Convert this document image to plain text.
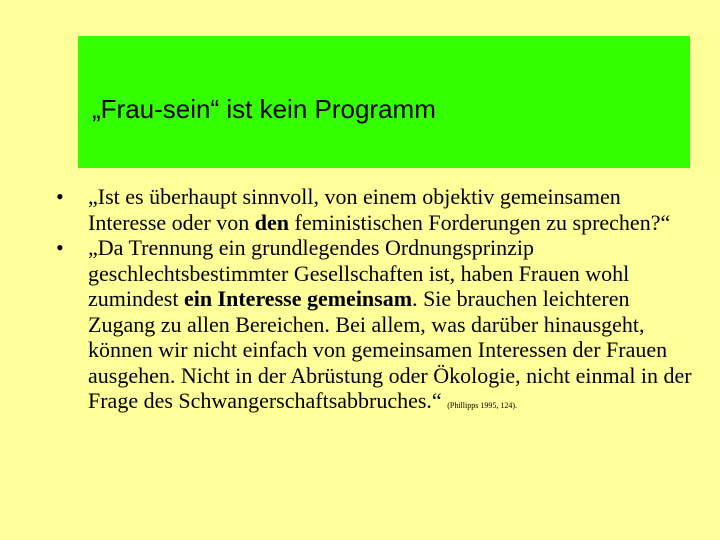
„Frau-sein“ ist kein Programm
• „Ist es überhaupt sinnvoll, von einem objektiv gemeinsamen Interesse oder von den feministischen Forderungen zu sprechen?“
• „Da Trennung ein grundlegendes Ordnungsprinzip geschlechtsbestimmter Gesellschaften ist, haben Frauen wohl zumindest ein Interesse gemeinsam. Sie brauchen leichteren Zugang zu allen Bereichen. Bei allem, was darüber hinausgeht, können wir nicht einfach von gemeinsamen Interessen der Frauen ausgehen. Nicht in der Abrüstung oder Ökologie, nicht einmal in der Frage des Schwangerschaftsabbruches.“ (Phillipps 1995, 124).
